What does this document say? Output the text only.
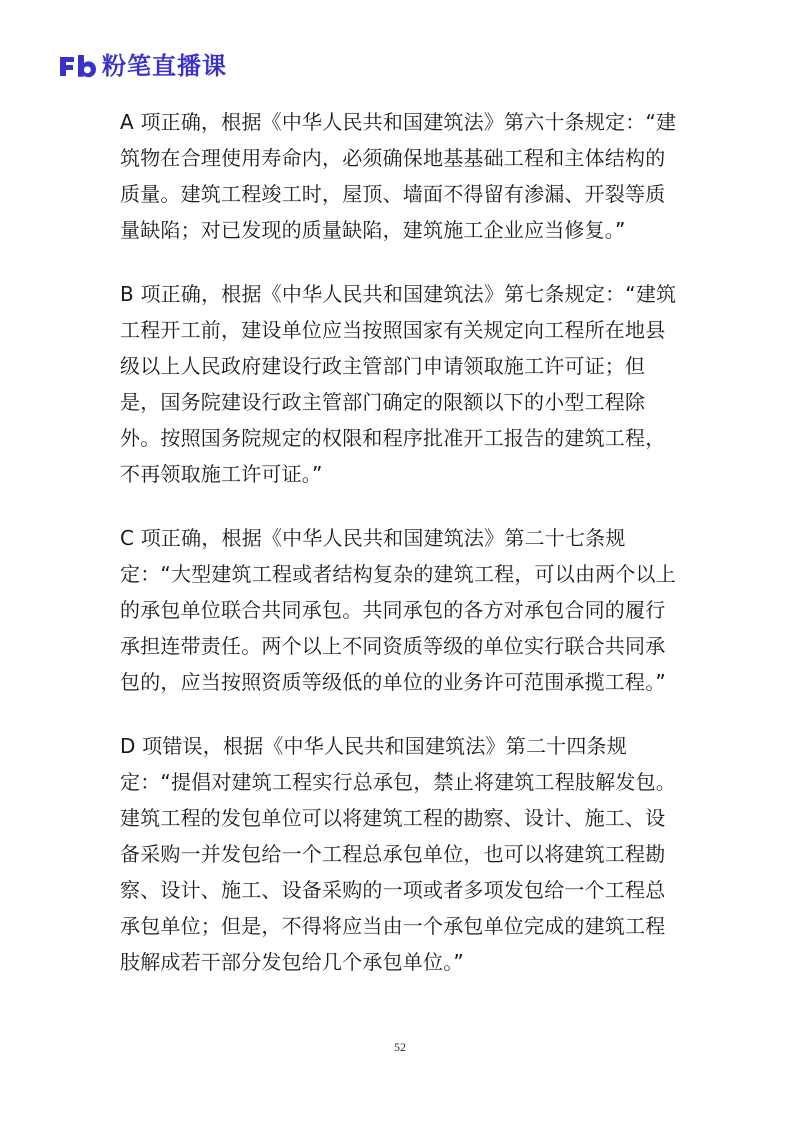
粉笔直播课

A 项正确，根据《中华人民共和国建筑法》第六十条规定：“建筑物在合理使用寿命内，必须确保地基基础工程和主体结构的质量。建筑工程竣工时，屋顶、墙面不得留有渗漏、开裂等质量缺陷；对已发现的质量缺陷，建筑施工企业应当修复。”

B 项正确，根据《中华人民共和国建筑法》第七条规定：“建筑工程开工前，建设单位应当按照国家有关规定向工程所在地县级以上人民政府建设行政主管部门申请领取施工许可证；但是，国务院建设行政主管部门确定的限额以下的小型工程除外。按照国务院规定的权限和程序批准开工报告的建筑工程，不再领取施工许可证。”

C 项正确，根据《中华人民共和国建筑法》第二十七条规定：“大型建筑工程或者结构复杂的建筑工程，可以由两个以上的承包单位联合共同承包。共同承包的各方对承包合同的履行承担连带责任。两个以上不同资质等级的单位实行联合共同承包的，应当按照资质等级低的单位的业务许可范围承揽工程。”

D 项错误，根据《中华人民共和国建筑法》第二十四条规定：“提倡对建筑工程实行总承包，禁止将建筑工程肢解发包。建筑工程的发包单位可以将建筑工程的勘察、设计、施工、设备采购一并发包给一个工程总承包单位，也可以将建筑工程勘察、设计、施工、设备采购的一项或者多项发包给一个工程总承包单位；但是，不得将应当由一个承包单位完成的建筑工程肢解成若干部分发包给几个承包单位。”

52
